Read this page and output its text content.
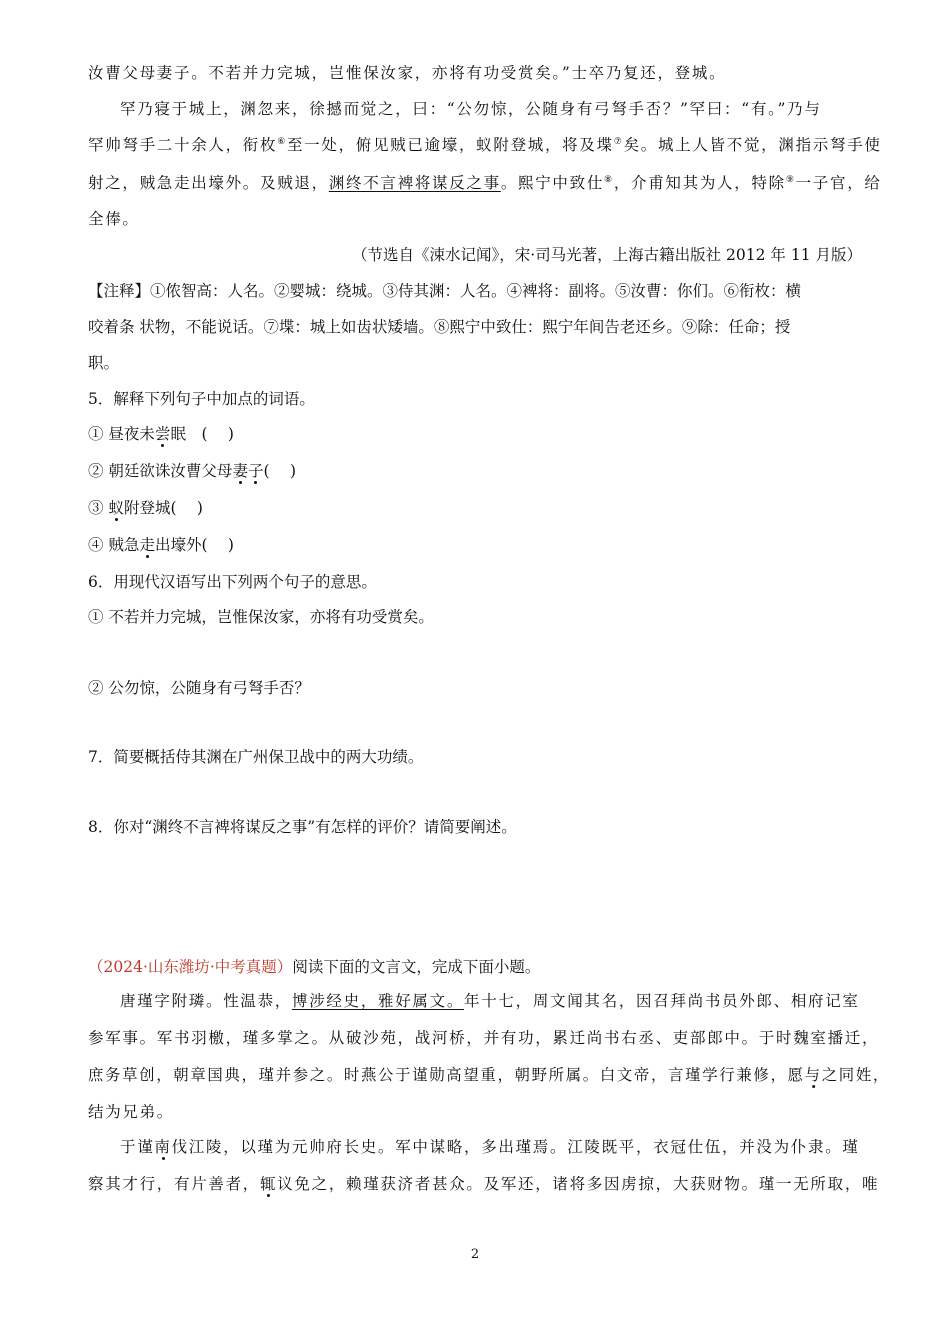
汝曹父母妻子。不若并力完城，岂惟保汝家，亦将有功受赏矣。”士卒乃复还，登城。
罕乃寝于城上，渊忽来，徐撼而觉之，曰：“公勿惊，公随身有弓弩手否？”罕曰：“有。”乃与
罕帅弩手二十余人，衔枚⑥至一处，俯见贼已逾壕，蚁附登城，将及堞⑦矣。城上人皆不觉，渊指示弩手使
射之，贼急走出壕外。及贼退，渊终不言裨将谋反之事。熙宁中致仕⑧，介甫知其为人，特除⑨一子官，给
全俸。
（节选自《涑水记闻》，宋·司马光著，上海古籍出版社 2012 年 11 月版）
【注释】①侬智高：人名。②婴城：绕城。③侍其渊：人名。④裨将：副将。⑤汝曹：你们。⑥衔枚：横
咬着条 状物，不能说话。⑦堞：城上如齿状矮墙。⑧熙宁中致仕：熙宁年间告老还乡。⑨除：任命；授
职。
5．解释下列句子中加点的词语。
① 昼夜未尝眠　(　 )
② 朝廷欲诛汝曹父母妻子(　 )
③ 蚁附登城(　 )
④ 贼急走出壕外(　 )
6．用现代汉语写出下列两个句子的意思。
① 不若并力完城，岂惟保汝家，亦将有功受赏矣。
② 公勿惊，公随身有弓弩手否？
7．简要概括侍其渊在广州保卫战中的两大功绩。
8．你对“渊终不言裨将谋反之事”有怎样的评价？请简要阐述。
（2024·山东潍坊·中考真题）阅读下面的文言文，完成下面小题。
唐瑾字附璘。性温恭，博涉经史，雅好属文。年十七，周文闻其名，因召拜尚书员外郎、相府记室
参军事。军书羽檄，瑾多掌之。从破沙苑，战河桥，并有功，累迁尚书右丞、吏部郎中。于时魏室播迁，
庶务草创，朝章国典，瑾并参之。时燕公于谨勋高望重，朝野所属。白文帝，言瑾学行兼修，愿与之同姓，
结为兄弟。
于谨南伐江陵，以瑾为元帅府长史。军中谋略，多出瑾焉。江陵既平，衣冠仕伍，并没为仆隶。瑾
察其才行，有片善者，辄议免之，赖瑾获济者甚众。及军还，诸将多因虏掠，大获财物。瑾一无所取，唯
2
